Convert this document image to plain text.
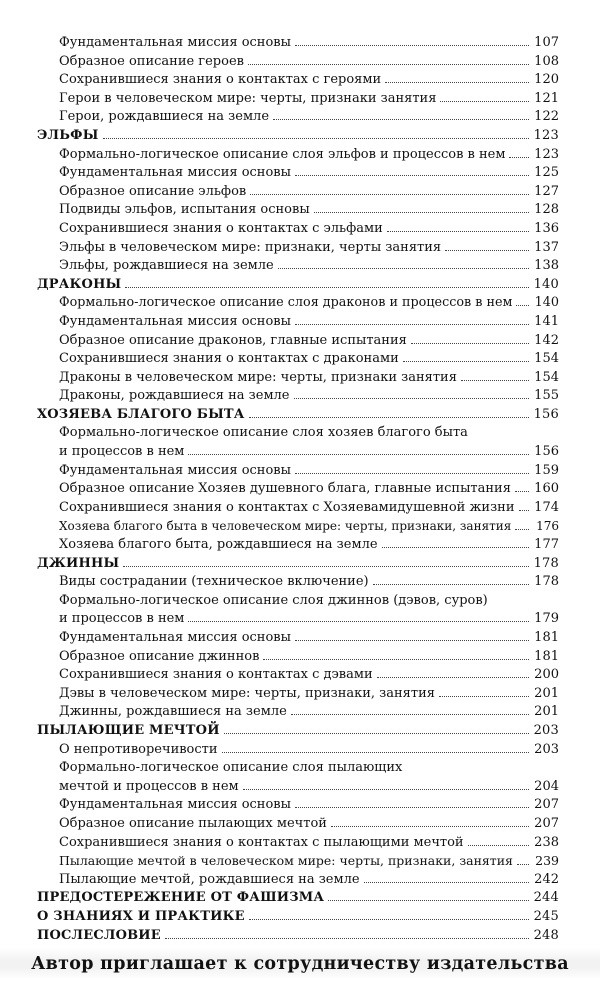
Фундаментальная миссия основы	107
Образное описание героев	108
Сохранившиеся знания о контактах с героями	120
Герои в человеческом мире: черты, признаки занятия	121
Герои, рождавшиеся на земле	122
ЭЛЬФЫ	123
Формально-логическое описание слоя эльфов и процессов в нем 123
Фундаментальная миссия основы	125
Образное описание эльфов	127
Подвиды эльфов, испытания основы	128
Сохранившиеся знания о контактах с эльфами	136
Эльфы в человеческом мире: признаки, черты занятия	137
Эльфы, рождавшиеся на земле	138
ДРАКОНЫ	140
Формально-логическое описание слоя драконов и процессов в нем 140
Фундаментальная миссия основы	141
Образное описание драконов, главные испытания	142
Сохранившиеся знания о контактах с драконами	154
Драконы в человеческом мире: черты, признаки занятия	154
Драконы, рождавшиеся на земле	155
ХОЗЯЕВА БЛАГОГО БЫТА	156
Формально-логическое описание слоя хозяев благого быта
и процессов в нем	156
Фундаментальная миссия основы	159
Образное описание Хозяев душевного блага, главные испытания 160
Сохранившиеся знания о контактах с Хозяевамидушевной жизни 174
Хозяева благого быта в человеческом мире: черты, признаки, занятия 176
Хозяева благого быта, рождавшиеся на земле	177
ДЖИННЫ	178
Виды сострадании (техническое включение)	178
Формально-логическое описание слоя джиннов (дэвов, суров)
и процессов в нем	179
Фундаментальная миссия основы	181
Образное описание джиннов	181
Сохранившиеся знания о контактах с дэвами	200
Дэвы в человеческом мире: черты, признаки, занятия	201
Джинны, рождавшиеся на земле	201
ПЫЛАЮЩИЕ МЕЧТОЙ	203
О непротиворечивости	203
Формально-логическое описание слоя пылающих
мечтой и процессов в нем	204
Фундаментальная миссия основы	207
Образное описание пылающих мечтой	207
Сохранившиеся знания о контактах с пылающими мечтой	238
Пылающие мечтой в человеческом мире: черты, признаки, занятия 239
Пылающие мечтой, рождавшиеся на земле	242
ПРЕДОСТЕРЕЖЕНИЕ ОТ ФАШИЗМА	244
О ЗНАНИЯХ И ПРАКТИКЕ	245
ПОСЛЕСЛОВИЕ	248
Автор приглашает к сотрудничеству издательства
